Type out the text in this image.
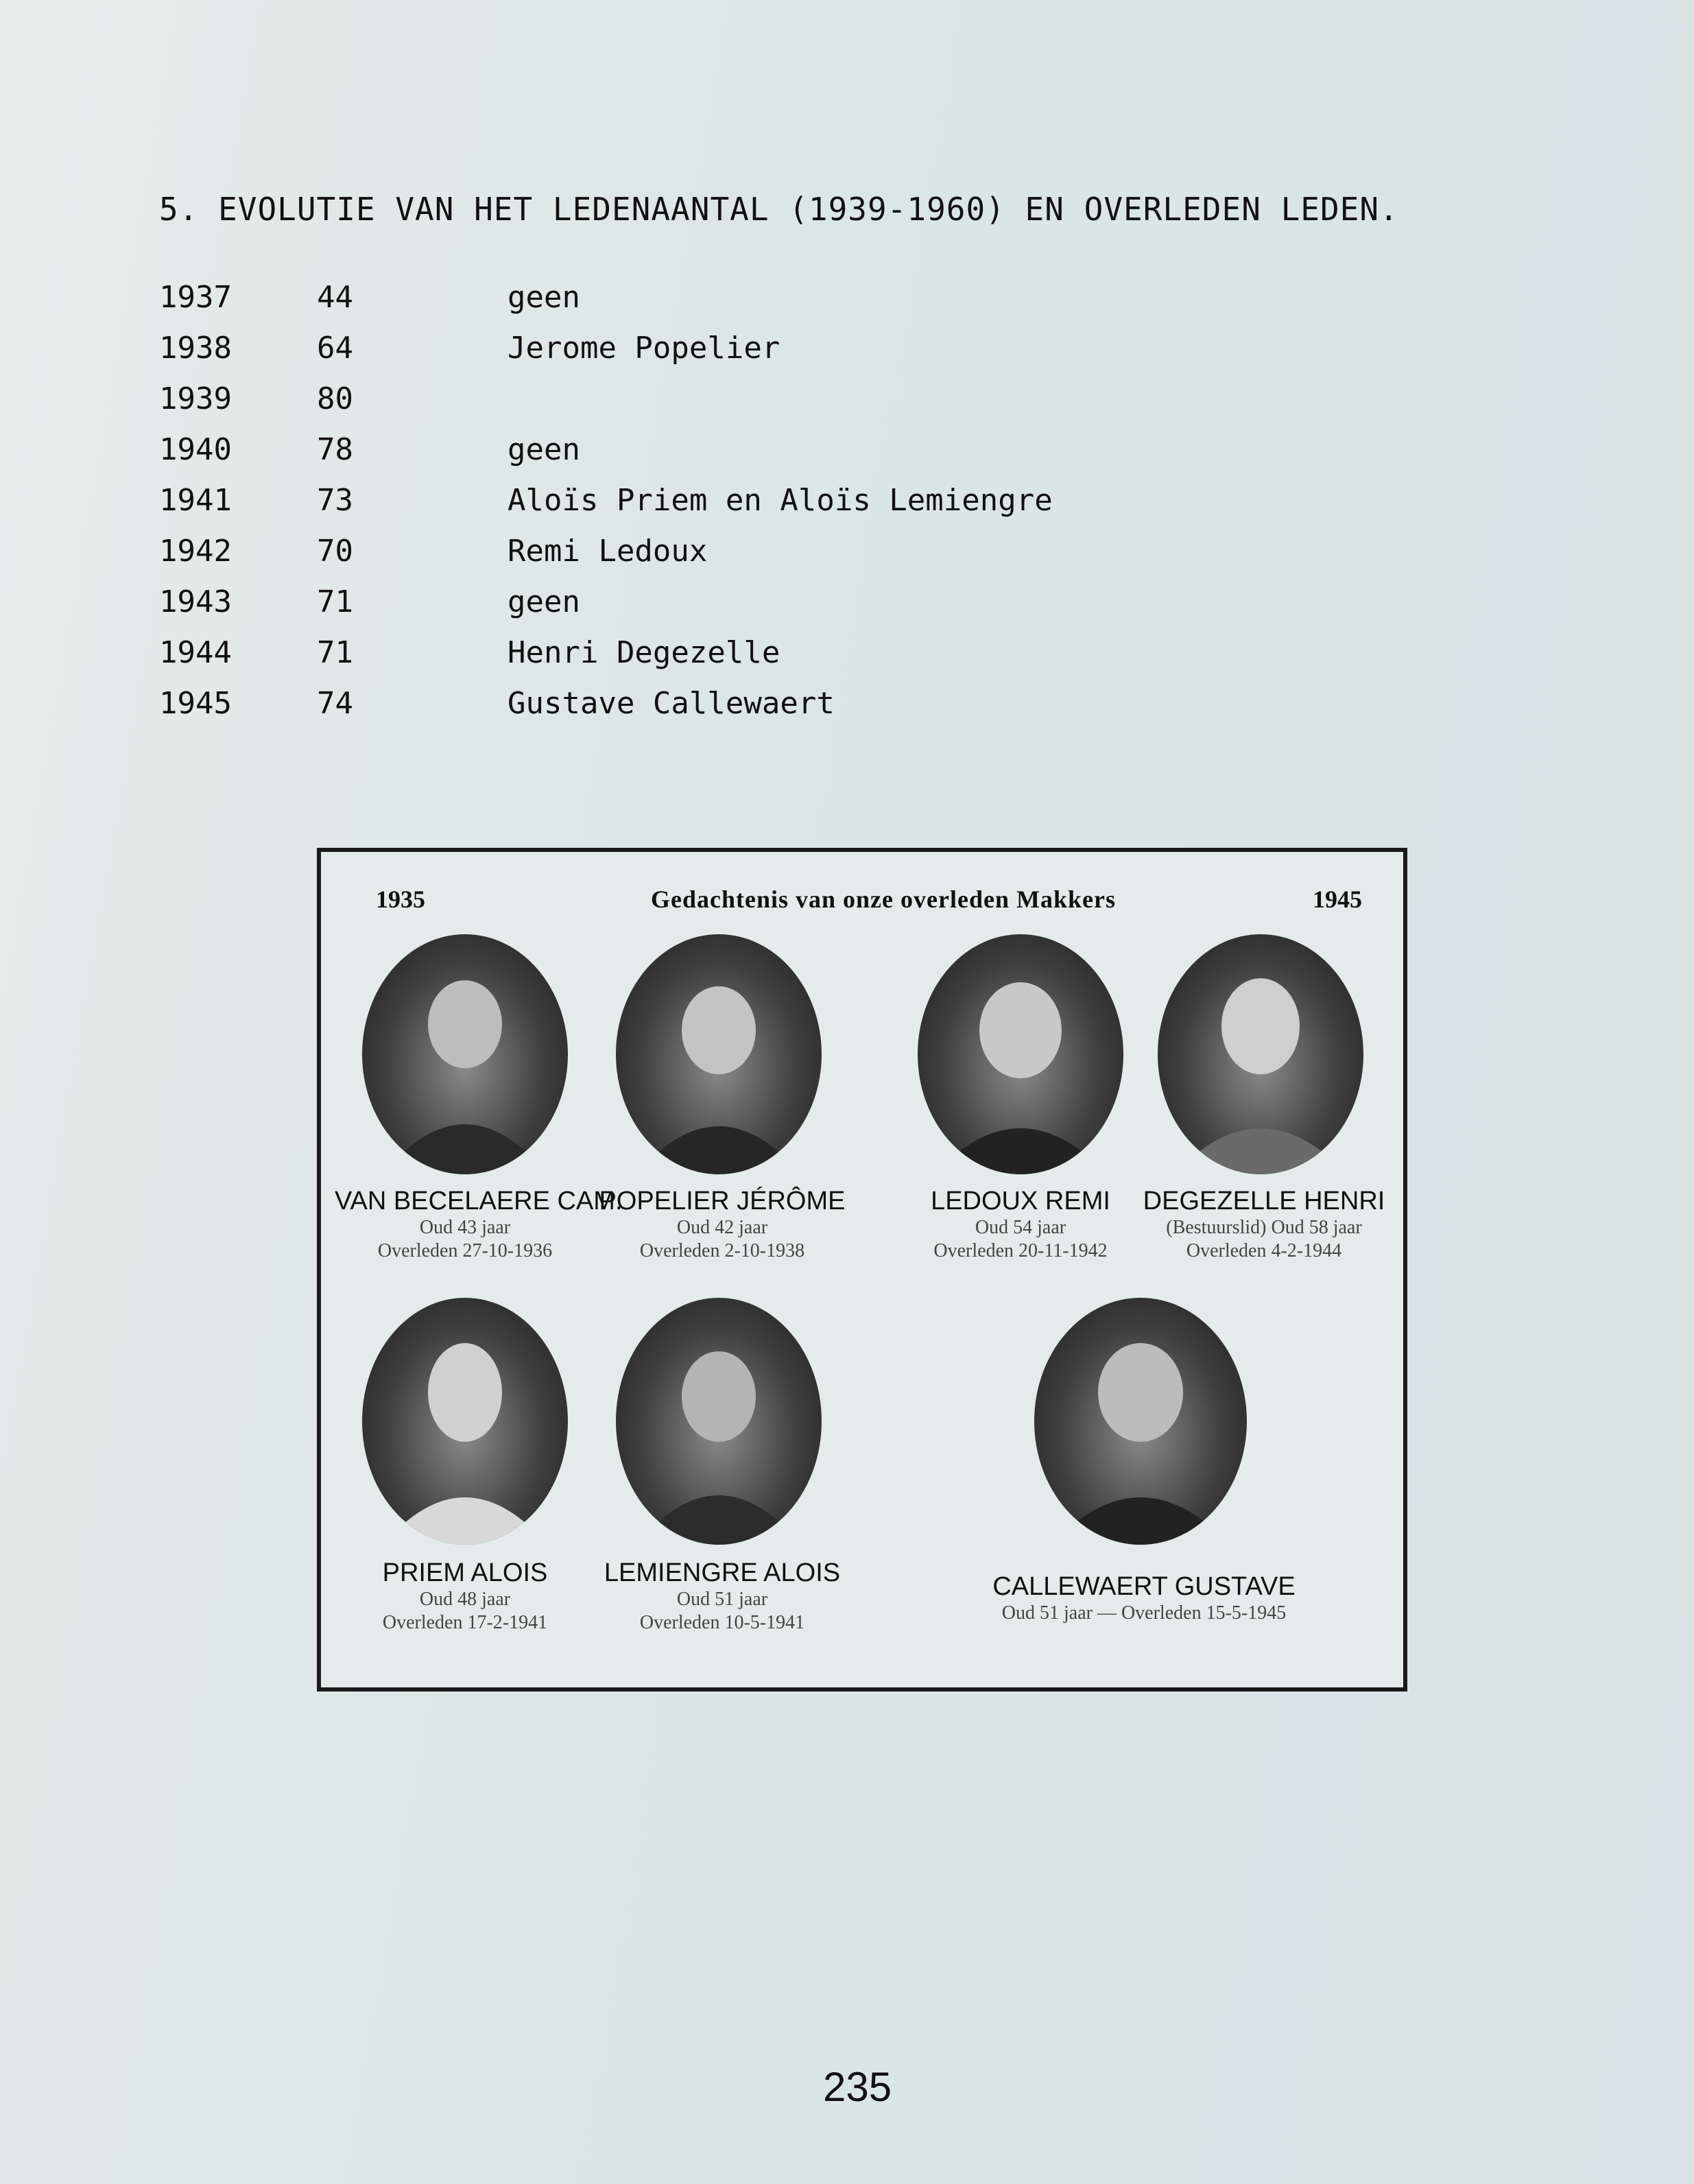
5. EVOLUTIE VAN HET LEDENAANTAL (1939-1960) EN OVERLEDEN LEDEN.
1937	44	geen
1938	64	Jerome Popelier
1939	80
1940	78	geen
1941	73	Aloïs Priem en Aloïs Lemiengre
1942	70	Remi Ledoux
1943	71	geen
1944	71	Henri Degezelle
1945	74	Gustave Callewaert
1935	Gedachtenis van onze overleden Makkers	1945
VAN BECELAERE CAM.
Oud 43 jaar
Overleden 27-10-1936
POPELIER JÉRÔME
Oud 42 jaar
Overleden 2-10-1938
LEDOUX REMI
Oud 54 jaar
Overleden 20-11-1942
DEGEZELLE HENRI
(Bestuurslid) Oud 58 jaar
Overleden 4-2-1944
PRIEM ALOIS
Oud 48 jaar
Overleden 17-2-1941
LEMIENGRE ALOIS
Oud 51 jaar
Overleden 10-5-1941
CALLEWAERT GUSTAVE
Oud 51 jaar — Overleden 15-5-1945
235
